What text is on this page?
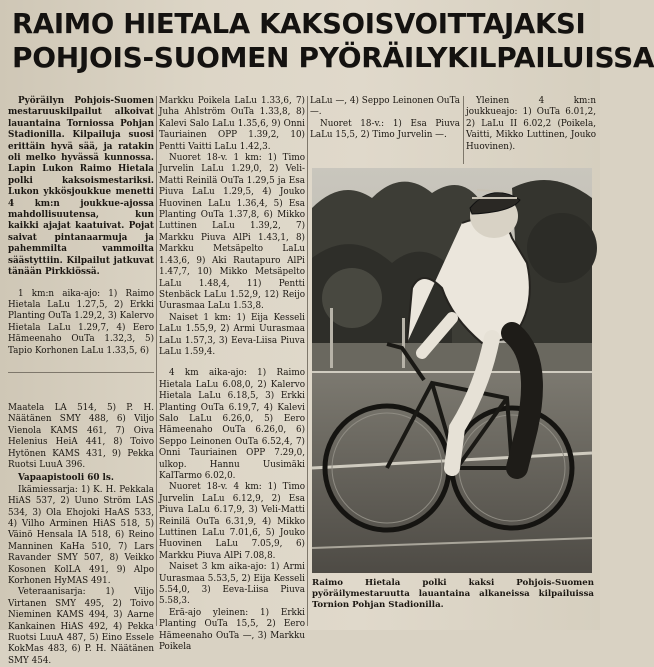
RAIMO HIETALA KAKSOISVOITTAJAKSI
POHJOIS-SUOMEN PYÖRÄILYKILPAILUISSA

Pyöräilyn Pohjois-Suomen mestaruuskilpailut alkoivat lauantaina Torniossa Pohjan Stadionilla. Kilpailuja suosi erittäin hyvä sää, ja ratakin oli melko hyvässä kunnossa. Lapin Lukon Raimo Hietala polki kaksoismestariksi. Lukon ykkösjoukkue menetti 4 km:n joukkue-ajossa mahdollisuutensa, kun kaikki ajajat kaatuivat. Pojat saivat pintanaarmuja ja pahemmilta vammoilta säästyttiin. Kilpailut jatkuvat tänään Pirkkiössä.

1 km:n aika-ajo: 1) Raimo Hietala LaLu 1.27,5, 2) Erkki Planting OuTa 1.29,2, 3) Kalervo Hietala LaLu 1.29,7, 4) Eero Hämeenaho OuTa 1.32,3, 5) Tapio Korhonen LaLu 1.33,5, 6)

Maatela LA 514, 5) P. H. Näätänen SMY 488, 6) Viljo Vienola KAMS 461, 7) Oiva Helenius HeiA 441, 8) Toivo Hytönen KAMS 431, 9) Pekka Ruotsi LuuA 396.

Vapaapistooli 60 ls.

Ikämiessarja: 1) K. H. Pekkala HiAS 537, 2) Uuno Ström LAS 534, 3) Ola Ehojoki HaAS 533, 4) Vilho Arminen HiAS 518, 5) Väinö Hensala IA 518, 6) Reino Manninen KaHa 510, 7) Lars Ravander SMY 507, 8) Veikko Kosonen KolLA 491, 9) Alpo Korhonen HyMAS 491.

Veteraanisarja: 1) Viljo Virtanen SMY 495, 2) Toivo Nieminen KAMS 494, 3) Aarne Kankainen HiAS 492, 4) Pekka Ruotsi LuuA 487, 5) Eino Essele KokMas 483, 6) P. H. Näätänen SMY 454.

Markku Poikela LaLu 1.33,6, 7) Juha Ahlström OuTa 1.33,8, 8) Kalevi Salo LaLu 1.35,6, 9) Onni Tauriainen OPP 1.39,2, 10) Pentti Vaitti LaLu 1.42,3.

Nuoret 18-v. 1 km: 1) Timo Jurvelin LaLu 1.29,0, 2) Veli-Matti Reinilä OuTa 1.29,5 ja Esa Piuva LaLu 1.29,5, 4) Jouko Huovinen LaLu 1.36,4, 5) Esa Planting OuTa 1.37,8, 6) Mikko Luttinen LaLu 1.39,2, 7) Markku Piuva AlPi 1.43,1, 8) Markku Metsäpelto LaLu 1.43,6, 9) Aki Rautapuro AlPi 1.47,7, 10) Mikko Metsäpelto LaLu 1.48,4, 11) Pentti Stenbäck LaLu 1.52,9, 12) Reijo Uurasmaa LaLu 1.53,8.

Naiset 1 km: 1) Eija Kesseli LaLu 1.55,9, 2) Armi Uurasmaa LaLu 1.57,3, 3) Eeva-Liisa Piuva LaLu 1.59,4.

4 km aika-ajo: 1) Raimo Hietala LaLu 6.08,0, 2) Kalervo Hietala LaLu 6.18,5, 3) Erkki Planting OuTa 6.19,7, 4) Kalevi Salo LaLu 6.26,0, 5) Eero Hämeenaho OuTa 6.26,0, 6) Seppo Leinonen OuTa 6.52,4, 7) Onni Tauriainen OPP 7.29,0, ulkop. Hannu Uusimäki KalTarmo 6.02,0.

Nuoret 18-v. 4 km: 1) Timo Jurvelin LaLu 6.12,9, 2) Esa Piuva LaLu 6.17,9, 3) Veli-Matti Reinilä OuTa 6.31,9, 4) Mikko Luttinen LaLu 7.01,6, 5) Jouko Huovinen LaLu 7.05,9, 6) Markku Piuva AlPi 7.08,8.

Naiset 3 km aika-ajo: 1) Armi Uurasmaa 5.53,5, 2) Eija Kesseli 5.54,0, 3) Eeva-Liisa Piuva 5.58,3.

Erä-ajo yleinen: 1) Erkki Planting OuTa 15,5, 2) Eero Hämeenaho OuTa —, 3) Markku Poikela

LaLu —, 4) Seppo Leinonen OuTa —.

Nuoret 18-v.: 1) Esa Piuva LaLu 15,5, 2) Timo Jurvelin —.

Yleinen 4 km:n joukkueajo: 1) OuTa 6.01,2, 2) LaLu II 6.02,2 (Poikela, Vaitti, Mikko Luttinen, Jouko Huovinen).

Raimo Hietala polki kaksi Pohjois-Suomen pyöräilymestaruutta lauantaina alkaneissa kilpailuissa Tornion Pohjan Stadionilla.
